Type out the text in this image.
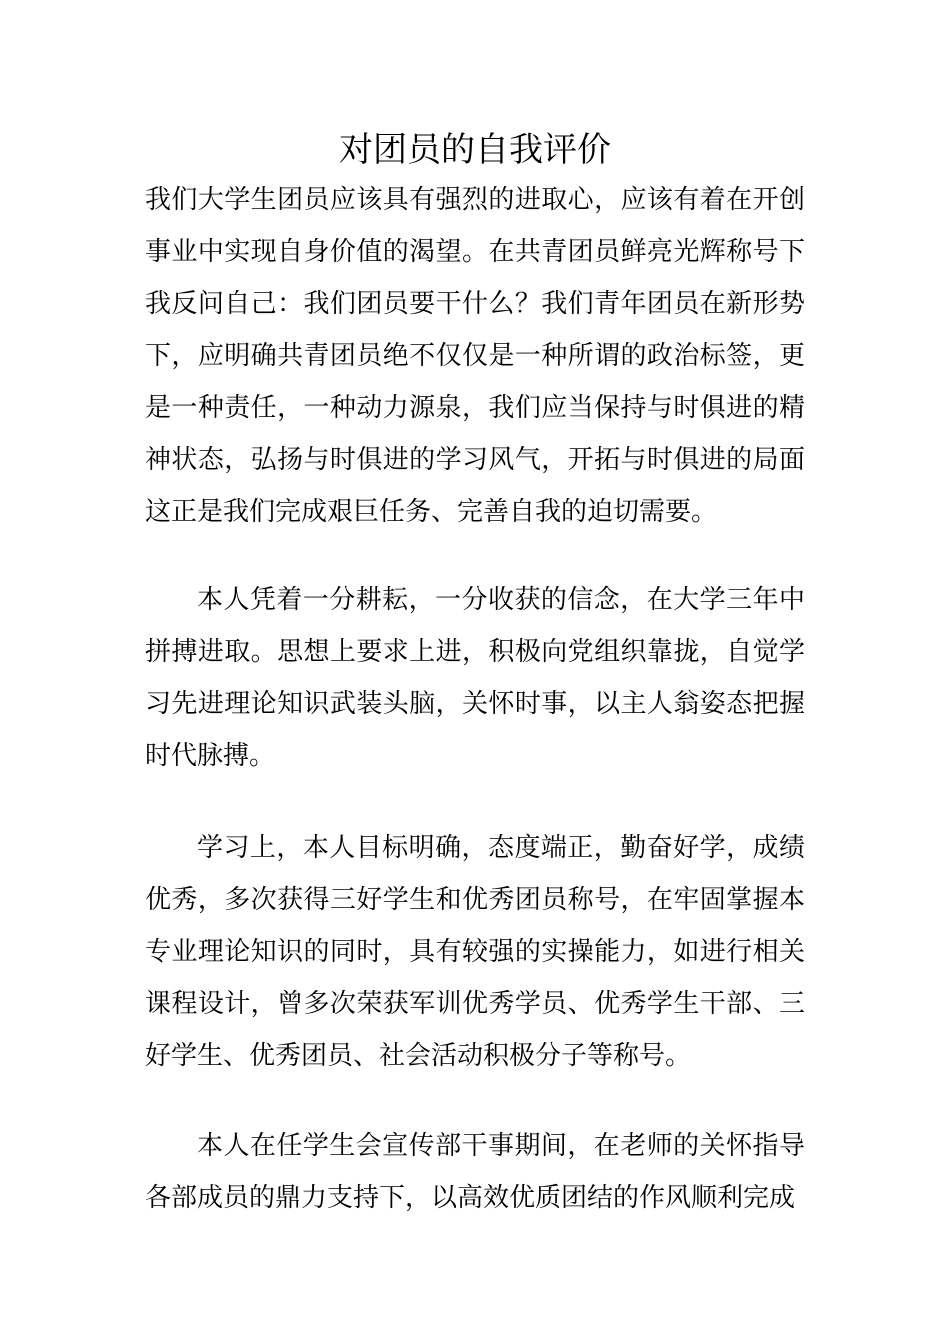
对团员的自我评价

我们大学生团员应该具有强烈的进取心，应该有着在开创事业中实现自身价值的渴望。在共青团员鲜亮光辉称号下我反问自己：我们团员要干什么？我们青年团员在新形势下，应明确共青团员绝不仅仅是一种所谓的政治标签，更是一种责任，一种动力源泉，我们应当保持与时俱进的精神状态，弘扬与时俱进的学习风气，开拓与时俱进的局面这正是我们完成艰巨任务、完善自我的迫切需要。

本人凭着一分耕耘，一分收获的信念，在大学三年中拼搏进取。思想上要求上进，积极向党组织靠拢，自觉学习先进理论知识武装头脑，关怀时事，以主人翁姿态把握时代脉搏。

学习上，本人目标明确，态度端正，勤奋好学，成绩优秀，多次获得三好学生和优秀团员称号，在牢固掌握本专业理论知识的同时，具有较强的实操能力，如进行相关课程设计，曾多次荣获军训优秀学员、优秀学生干部、三好学生、优秀团员、社会活动积极分子等称号。

本人在任学生会宣传部干事期间，在老师的关怀指导各部成员的鼎力支持下，以高效优质团结的作风顺利完成
